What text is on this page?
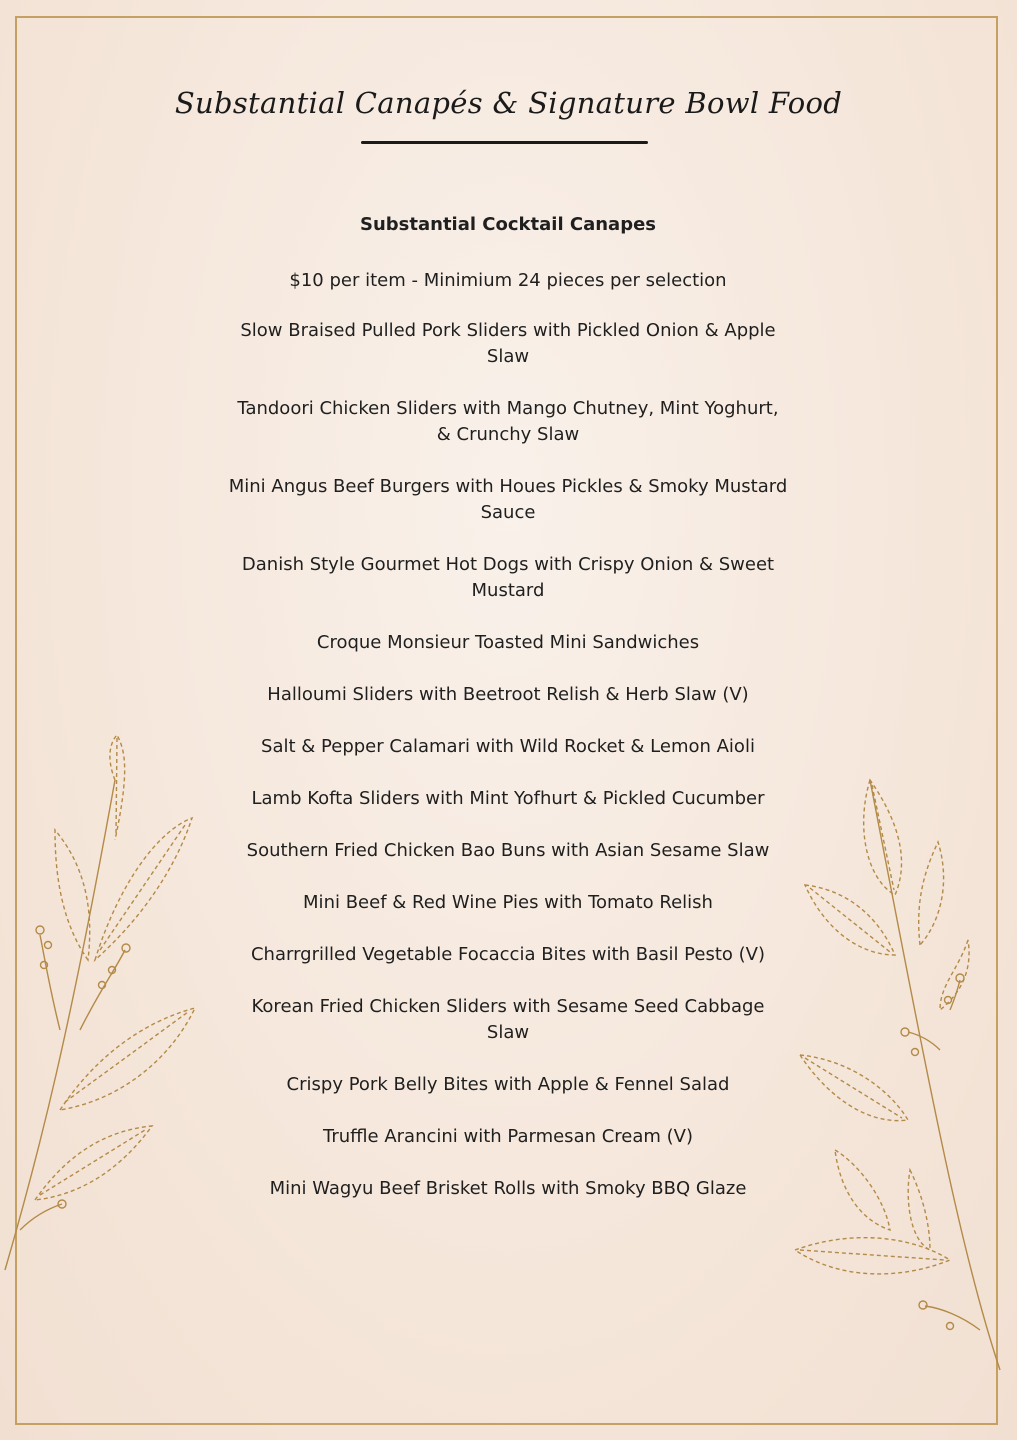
Substantial Canapés & Signature Bowl Food
Substantial Cocktail Canapes
$10 per item - Minimium 24 pieces per selection
Slow Braised Pulled Pork Sliders with Pickled Onion & Apple Slaw
Tandoori Chicken Sliders with Mango Chutney, Mint Yoghurt, & Crunchy Slaw
Mini Angus Beef Burgers with Houes Pickles & Smoky Mustard Sauce
Danish Style Gourmet Hot Dogs with Crispy Onion & Sweet Mustard
Croque Monsieur Toasted Mini Sandwiches
Halloumi Sliders with Beetroot Relish & Herb Slaw (V)
Salt & Pepper Calamari with Wild Rocket & Lemon Aioli
Lamb Kofta Sliders with Mint Yofhurt & Pickled Cucumber
Southern Fried Chicken Bao Buns with Asian Sesame Slaw
Mini Beef & Red Wine Pies with Tomato Relish
Charrgrilled Vegetable Focaccia Bites with Basil Pesto (V)
Korean Fried Chicken Sliders with Sesame Seed Cabbage Slaw
Crispy Pork Belly Bites with Apple & Fennel Salad
Truffle Arancini with Parmesan Cream (V)
Mini Wagyu Beef Brisket Rolls with Smoky BBQ Glaze
